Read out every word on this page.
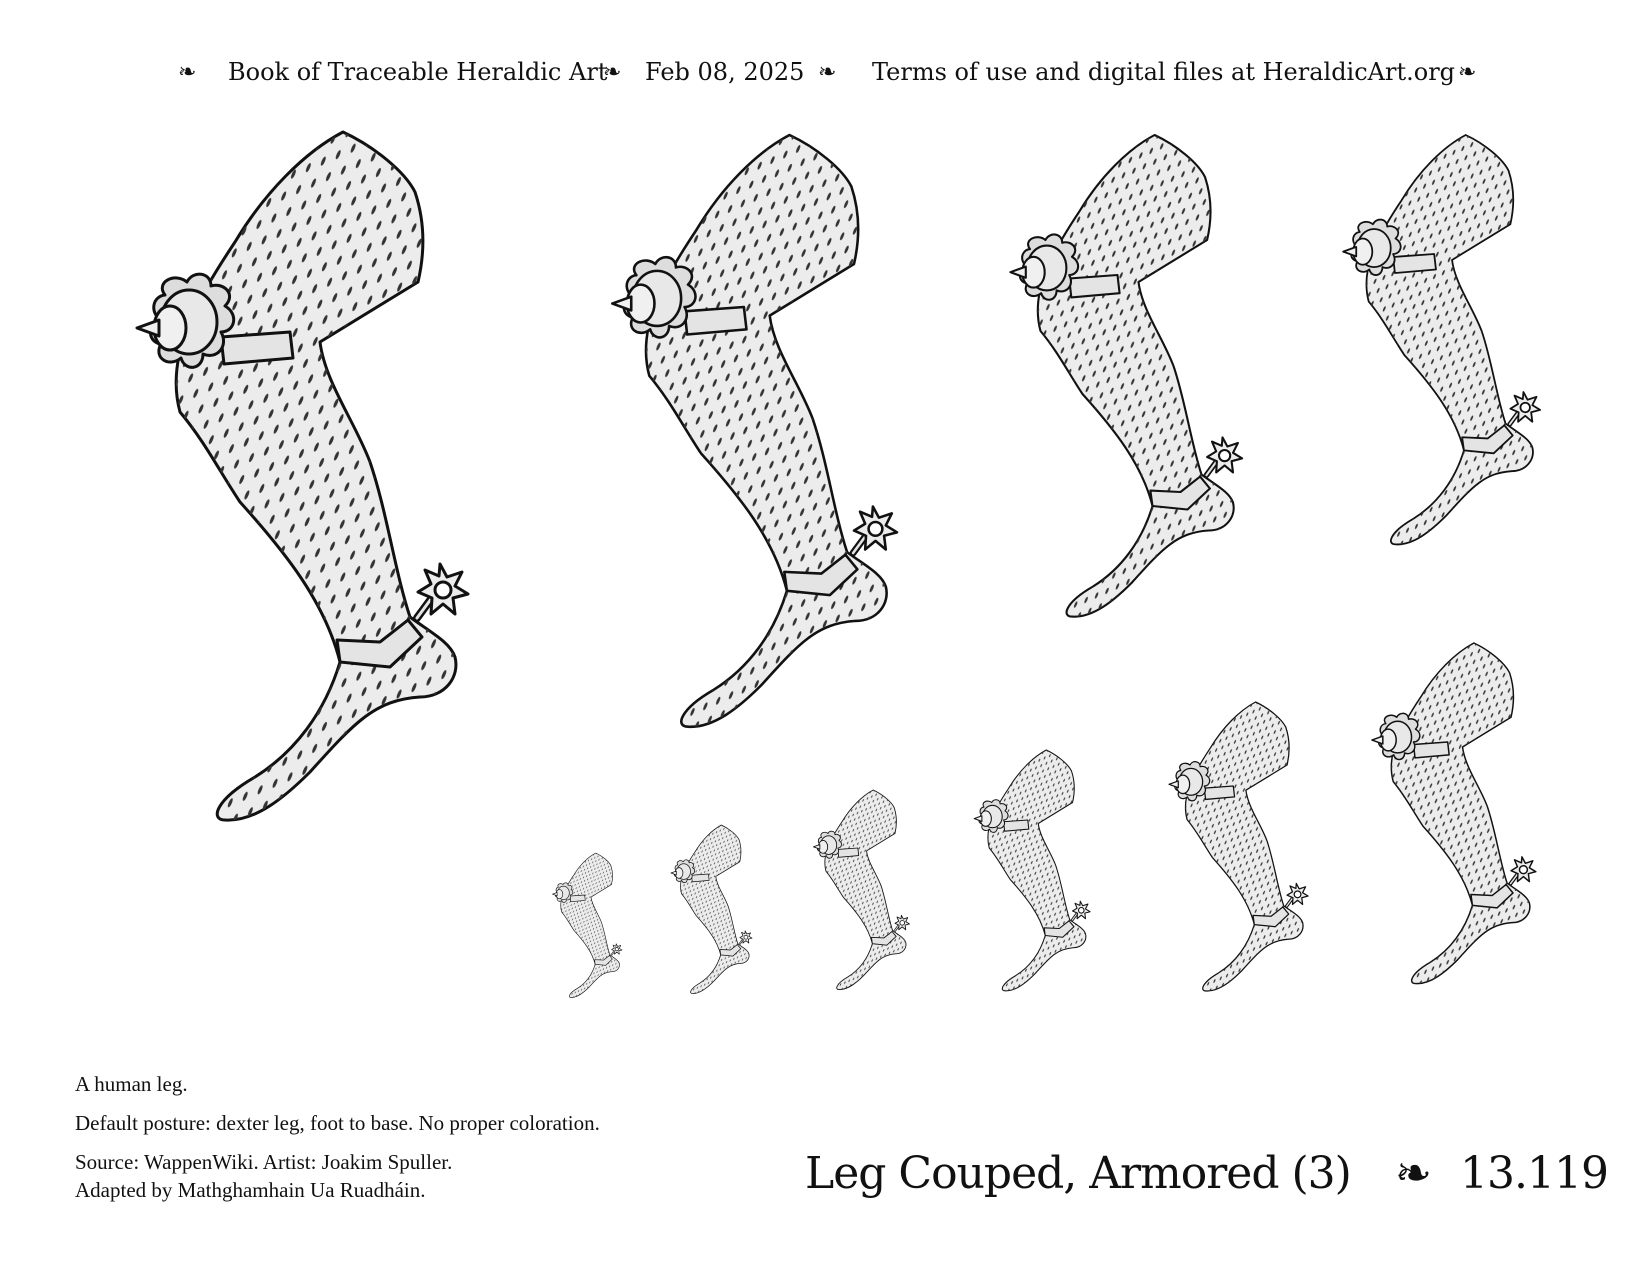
❧ Book of Traceable Heraldic Art
❧ Feb 08, 2025 ❧ Terms of use and digital files at HeraldicArt.org ❧
A human leg.
Default posture: dexter leg, foot to base. No proper coloration.
Source: WappenWiki. Artist: Joakim Spuller.
Adapted by Mathghamhain Ua Ruadháin.	Leg Couped, Armored (3) ❧ 13.119
